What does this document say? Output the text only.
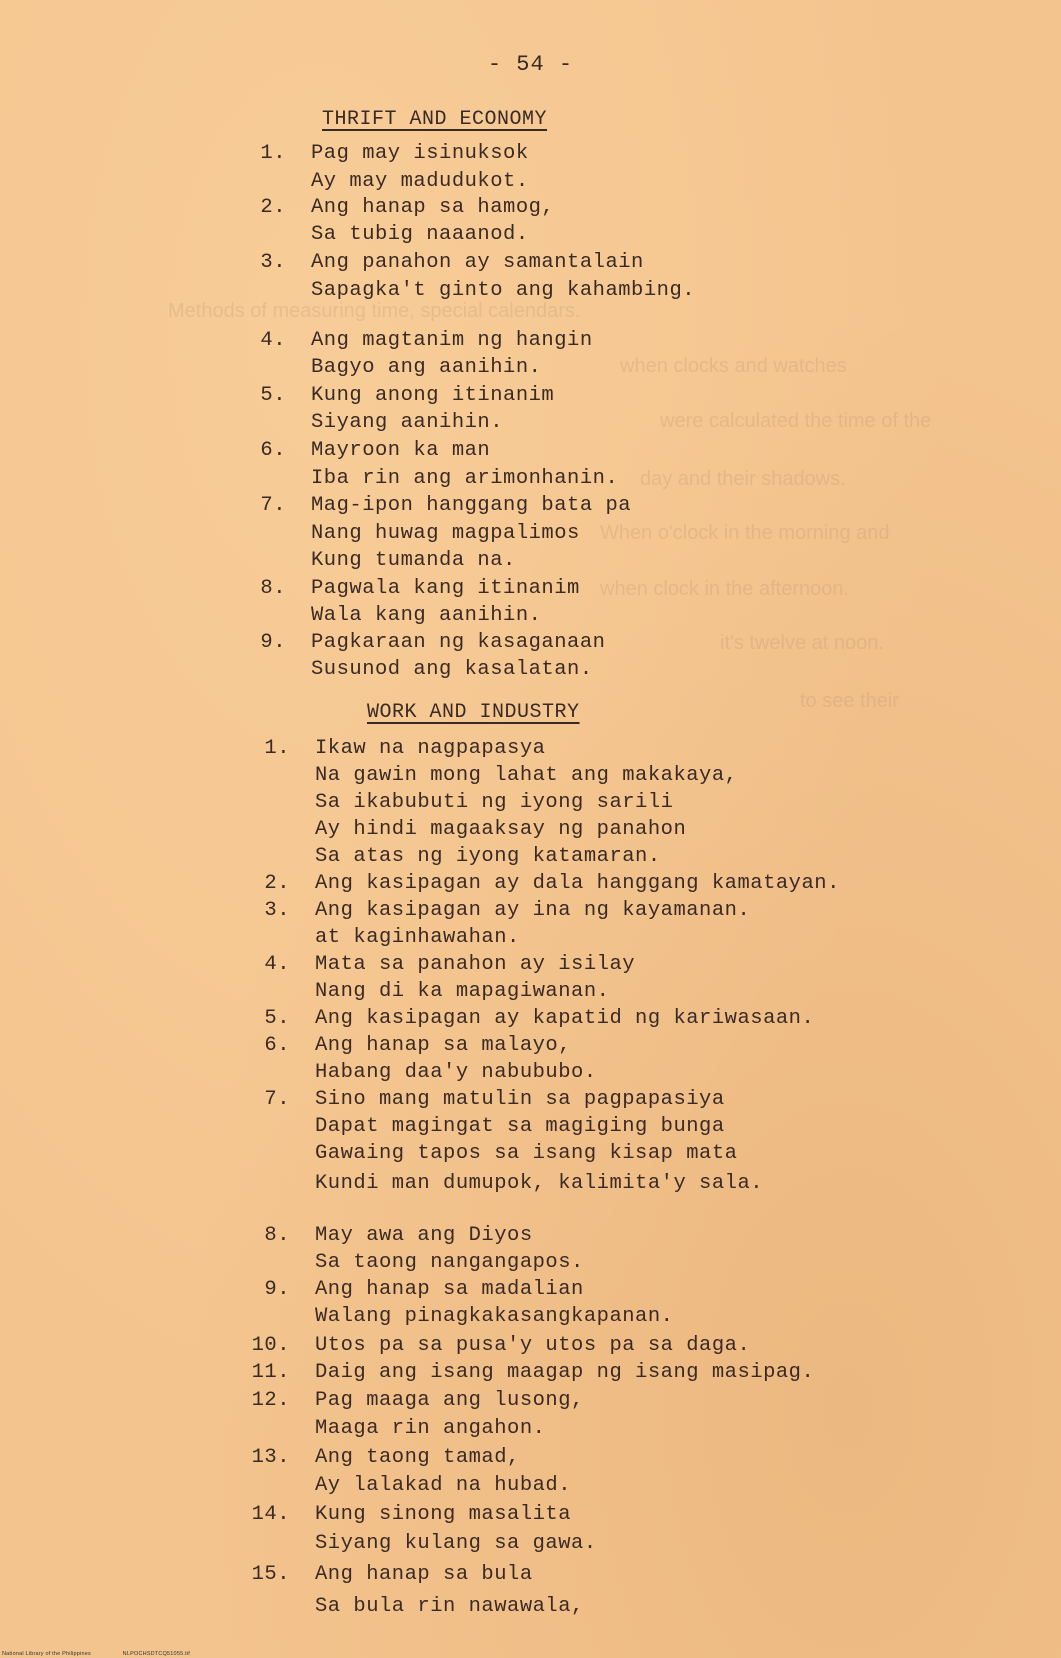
- 54 -
Methods of measuring time, special calendars.
when clocks and watches
were calculated the time of the
day and their shadows.
When o'clock in the morning and
when clock in the afternoon.
it's twelve at noon.
to see their
THRIFT AND ECONOMY
1. Pag may isinuksok
Ay may madudukot.
2. Ang hanap sa hamog,
Sa tubig naaanod.
3. Ang panahon ay samantalain
Sapagka't ginto ang kahambing.
4. Ang magtanim ng hangin
Bagyo ang aanihin.
5. Kung anong itinanim
Siyang aanihin.
6. Mayroon ka man
Iba rin ang arimonhanin.
7. Mag-ipon hanggang bata pa
Nang huwag magpalimos
Kung tumanda na.
8. Pagwala kang itinanim
Wala kang aanihin.
9. Pagkaraan ng kasaganaan
Susunod ang kasalatan.
WORK AND INDUSTRY
1. Ikaw na nagpapasya
Na gawin mong lahat ang makakaya,
Sa ikabubuti ng iyong sarili
Ay hindi magaaksay ng panahon
Sa atas ng iyong katamaran.
2. Ang kasipagan ay dala hanggang kamatayan.
3. Ang kasipagan ay ina ng kayamanan.
at kaginhawahan.
4. Mata sa panahon ay isilay
Nang di ka mapagiwanan.
5. Ang kasipagan ay kapatid ng kariwasaan.
6. Ang hanap sa malayo,
Habang daa'y nabububo.
7. Sino mang matulin sa pagpapasiya
Dapat magingat sa magiging bunga
Gawaing tapos sa isang kisap mata
Kundi man dumupok, kalimita'y sala.
8. May awa ang Diyos
Sa taong nangangapos.
9. Ang hanap sa madalian
Walang pinagkakasangkapanan.
10. Utos pa sa pusa'y utos pa sa daga.
11. Daig ang isang maagap ng isang masipag.
12. Pag maaga ang lusong,
Maaga rin angahon.
13. Ang taong tamad,
Ay lalakad na hubad.
14. Kung sinong masalita
Siyang kulang sa gawa.
15. Ang hanap sa bula
Sa bula rin nawawala,
National Library of the Philippines	NLPOCHSDTCQ51055.tif
